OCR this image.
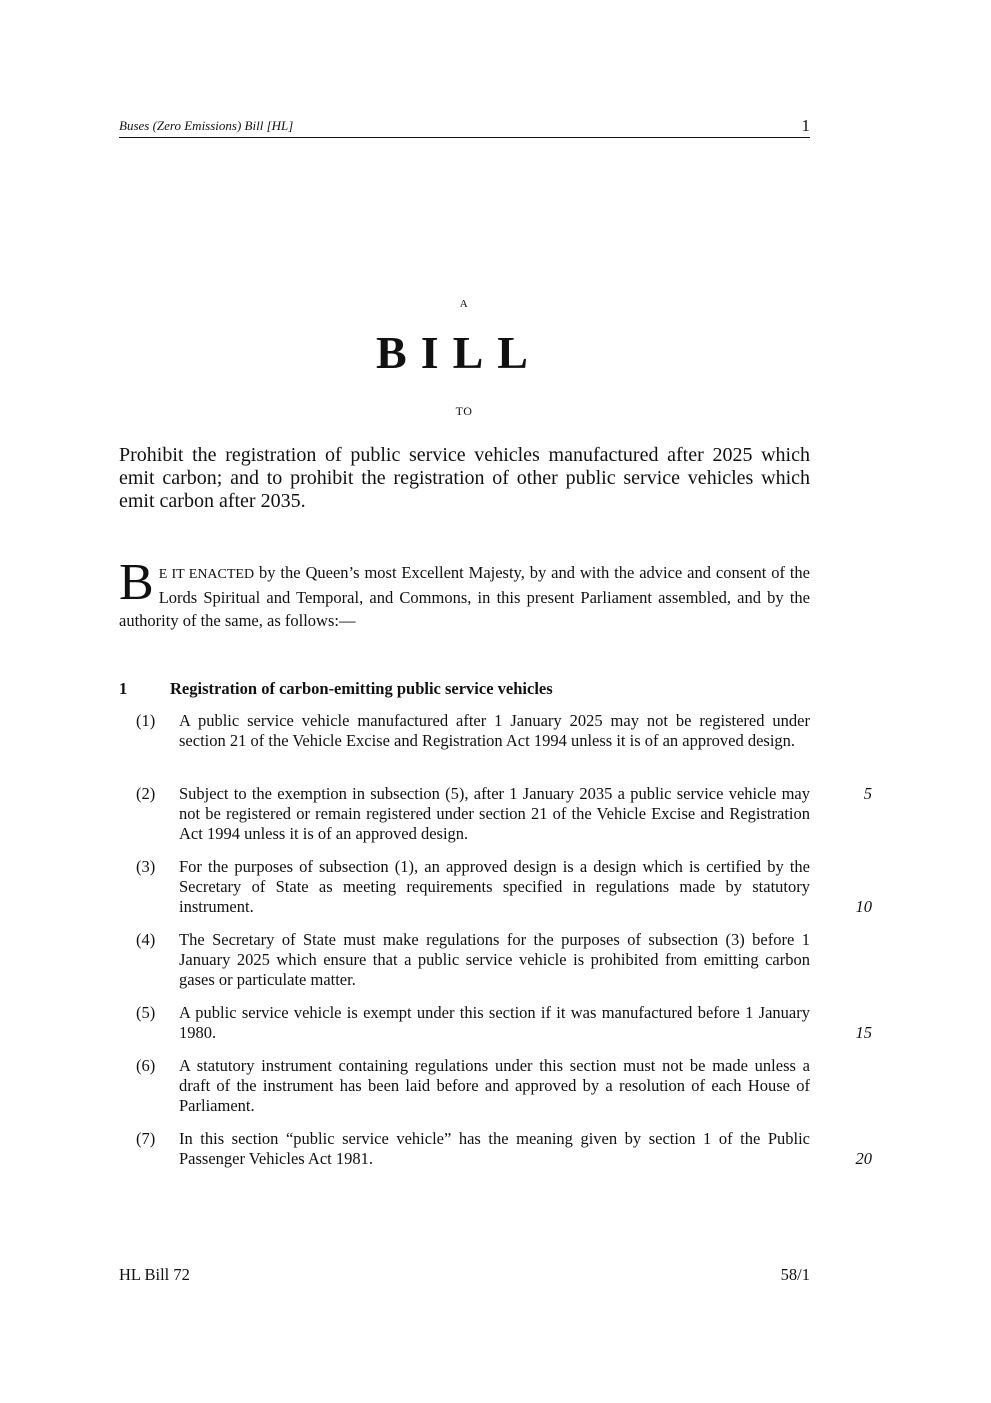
Buses (Zero Emissions) Bill [HL]	1
A
BILL
TO
Prohibit the registration of public service vehicles manufactured after 2025 which emit carbon; and to prohibit the registration of other public service vehicles which emit carbon after 2035.
B E IT ENACTED by the Queen’s most Excellent Majesty, by and with the advice and consent of the Lords Spiritual and Temporal, and Commons, in this present Parliament assembled, and by the authority of the same, as follows:—
1	Registration of carbon-emitting public service vehicles
(1)	A public service vehicle manufactured after 1 January 2025 may not be registered under section 21 of the Vehicle Excise and Registration Act 1994 unless it is of an approved design.
(2)	Subject to the exemption in subsection (5), after 1 January 2035 a public service vehicle may not be registered or remain registered under section 21 of the Vehicle Excise and Registration Act 1994 unless it is of an approved design.
(3)	For the purposes of subsection (1), an approved design is a design which is certified by the Secretary of State as meeting requirements specified in regulations made by statutory instrument.
(4)	The Secretary of State must make regulations for the purposes of subsection (3) before 1 January 2025 which ensure that a public service vehicle is prohibited from emitting carbon gases or particulate matter.
(5)	A public service vehicle is exempt under this section if it was manufactured before 1 January 1980.
(6)	A statutory instrument containing regulations under this section must not be made unless a draft of the instrument has been laid before and approved by a resolution of each House of Parliament.
(7)	In this section “public service vehicle” has the meaning given by section 1 of the Public Passenger Vehicles Act 1981.
5
10
15
20
HL Bill 72	58/1
